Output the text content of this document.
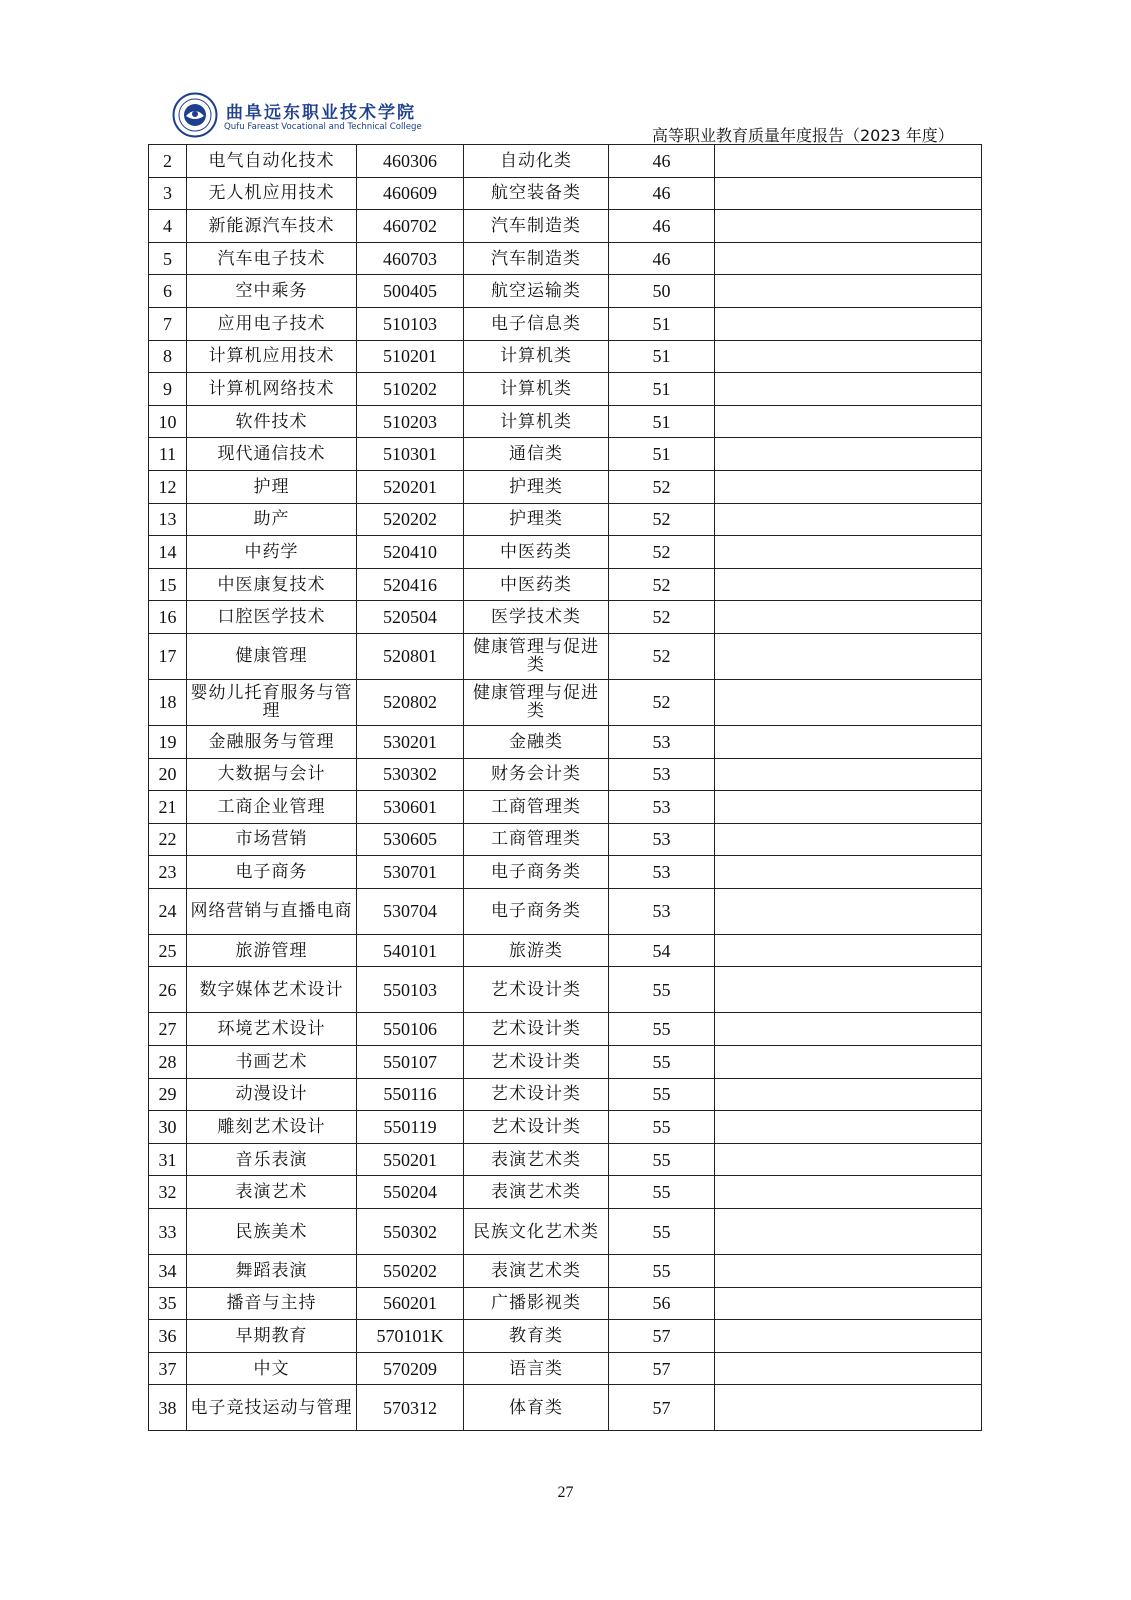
曲阜远东职业技术学院
Qufu Fareast Vocational and Technical College	高等职业教育质量年度报告（2023 年度）
2	电气自动化技术	460306	自动化类	46	
3	无人机应用技术	460609	航空装备类	46	
4	新能源汽车技术	460702	汽车制造类	46	
5	汽车电子技术	460703	汽车制造类	46	
6	空中乘务	500405	航空运输类	50	
7	应用电子技术	510103	电子信息类	51	
8	计算机应用技术	510201	计算机类	51	
9	计算机网络技术	510202	计算机类	51	
10	软件技术	510203	计算机类	51	
11	现代通信技术	510301	通信类	51	
12	护理	520201	护理类	52	
13	助产	520202	护理类	52	
14	中药学	520410	中医药类	52	
15	中医康复技术	520416	中医药类	52	
16	口腔医学技术	520504	医学技术类	52	
17	健康管理	520801	健康管理与促进类	52	
18	婴幼儿托育服务与管理	520802	健康管理与促进类	52	
19	金融服务与管理	530201	金融类	53	
20	大数据与会计	530302	财务会计类	53	
21	工商企业管理	530601	工商管理类	53	
22	市场营销	530605	工商管理类	53	
23	电子商务	530701	电子商务类	53	
24	网络营销与直播电商	530704	电子商务类	53	
25	旅游管理	540101	旅游类	54	
26	数字媒体艺术设计	550103	艺术设计类	55	
27	环境艺术设计	550106	艺术设计类	55	
28	书画艺术	550107	艺术设计类	55	
29	动漫设计	550116	艺术设计类	55	
30	雕刻艺术设计	550119	艺术设计类	55	
31	音乐表演	550201	表演艺术类	55	
32	表演艺术	550204	表演艺术类	55	
33	民族美术	550302	民族文化艺术类	55	
34	舞蹈表演	550202	表演艺术类	55	
35	播音与主持	560201	广播影视类	56	
36	早期教育	570101K	教育类	57	
37	中文	570209	语言类	57	
38	电子竞技运动与管理	570312	体育类	57	
27
